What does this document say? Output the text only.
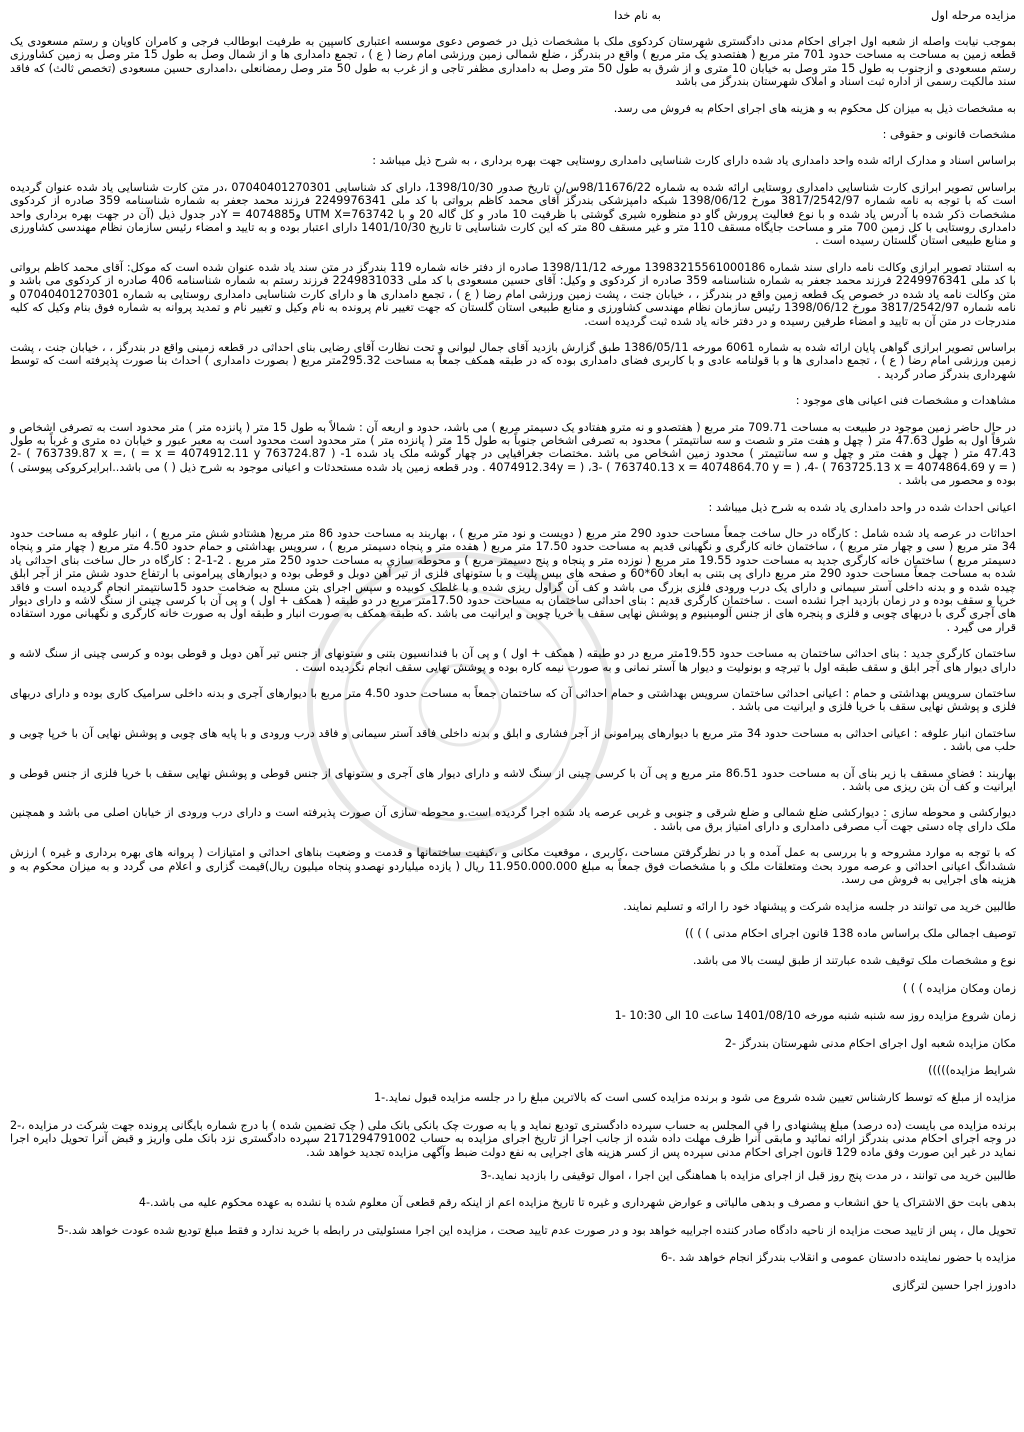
مزایده مرحله اول
به نام خدا

بموجب نیابت واصله از شعبه اول اجرای احکام مدنی دادگستری شهرستان کردکوی ملک با مشخصات ذیل در خصوص دعوی موسسه اعتباری کاسپین به طرفیت ابوطالب فرجی و کامران کاویان و رستم مسعودی یک قطعه زمین به مساحت به مساحت حدود 701 متر مربع ( هفتصدو یک متر مربع ) واقع در بندرگز ، ضلع شمالی زمین ورزشی امام رضا ( ع ) ، تجمع دامداری ها و از شمال وصل به طول 15 متر وصل به زمین کشاورزی رستم مسعودی و ازجنوب به طول 15 متر وصل به خیابان 10 متری و از شرق به طول 50 متر وصل به دامداری مظفر تاجی و از غرب به طول 50 متر وصل رمضانعلی ،دامداری حسین مسعودی (تخصص ثالث) که فاقد سند مالکیت رسمی از اداره ثبت اسناد و املاک شهرستان بندرگز می باشد

به مشخصات ذیل به میزان کل محکوم به و هزینه های اجرای احکام به فروش می رسد.

مشخصات قانونی و حقوقی :

براساس اسناد و مدارک ارائه شده واحد دامداری یاد شده دارای کارت شناسایی دامداری روستایی جهت بهره برداری ، به شرح ذیل میباشد :

براساس تصویر ابرازی کارت شناسایی دامداری روستایی ارائه شده به شماره 98/11676/22س/ن تاریخ صدور 1398/10/30، دارای کد شناسایی 07040401270301 ،در متن کارت شناسایی یاد شده عنوان گردیده است که با توجه به نامه شماره 3817/2542/97 مورخ 1398/06/12 شبکه دامپزشکی بندرگز آقای محمد کاظم برواتی با کد ملی 2249976341 فرزند محمد جعفر به شماره شناسنامه 359 صادره از کردکوی مشخصات ذکر شده با آدرس یاد شده و با نوع فعالیت پرورش گاو دو منظوره شیری گوشتی با ظرفیت 10 مادر و کل گاله 20 و با UTM X=763742 وY = 4074885در جدول ذیل (آن در جهت بهره برداری واحد دامداری روستایی با کل زمین 700 متر و مساحت جایگاه مسقف 110 متر و غیر مسقف 80 متر که این کارت شناسایی تا تاریخ 1401/10/30 دارای اعتبار بوده و به تایید و امضاء رئیس سازمان نظام مهندسی کشاورزی و منابع طبیعی استان گلستان رسیده است .

به استناد تصویر ابرازی وکالت نامه دارای سند شماره 13983215561000186 مورخه 1398/11/12 صادره از دفتر خانه شماره 119 بندرگز در متن سند یاد شده عنوان شده است که موکل: آقای محمد کاظم برواتی با کد ملی 2249976341 فرزند محمد جعفر به شماره شناسنامه 359 صادره از کردکوی و وکیل: آقای حسین مسعودی با کد ملی 2249831033 فرزند رستم به شماره شناسنامه 406 صادره از کردکوی می باشد و متن وکالت نامه یاد شده در خصوص یک قطعه زمین واقع در بندرگز ، ، خیابان جنت ، پشت زمین ورزشی امام رضا ( ع ) ، تجمع دامداری ها و دارای کارت شناسایی دامداری روستایی به شماره 07040401270301 و نامه شماره 3817/2542/97 مورخ 1398/06/12 رئیس سازمان نظام مهندسی کشاورزی و منابع طبیعی استان گلستان که جهت تغییر نام پرونده به نام وکیل و تغییر نام و تمدید پروانه به شماره فوق بنام وکیل که کلیه مندرجات در متن آن به تایید و امضاء طرفین رسیده و در دفتر خانه یاد شده ثبت گردیده است.

براساس تصویر ابرازی گواهی پایان ارائه شده به شماره 6061 مورخه 1386/05/11 طبق گزارش بازدید آقای جمال لیوانی و تحت نظارت آقای رضایی بنای احداثی در قطعه زمینی واقع در بندرگز ، ، خیابان جنت ، پشت زمین ورزشی امام رضا ( ع ) ، تجمع دامداری ها و با قولنامه عادی و با کاربری فضای دامداری بوده که در طبقه همکف جمعاً به مساحت 295.32متر مربع ( بصورت دامداری ) احداث بنا صورت پذیرفته است که توسط شهرداری بندرگز صادر گردید .

مشاهدات و مشخصات فنی اعیانی های موجود :

در حال حاضر زمین موجود در طبیعت به مساحت 709.71 متر مربع ( هفتصدو و نه مترو هفتادو یک دسیمتر مربع ) می باشد، حدود و اربعه آن : شمالاً به طول 15 متر ( پانزده متر ) متر محدود است به تصرفی اشخاص و شرقاً اول به طول 47.63 متر ( چهل و هفت متر و شصت و سه سانتیمتر ) محدود به تصرفی اشخاص جنوباً به طول 15 متر ( پانزده متر ) متر محدود است محدود است به معبر عبور و خیابان ده متری و غرباً به طول 47.43 متر ( چهل و هفت متر و چهل و سه سانتیمتر ) محدود زمین اشخاص می باشد .مختصات جغرافیایی در چهار گوشه ملک یاد شده 1- ( 763724.87 x = 4074912.11 y = ) ،2- ( 763739.87 x = 4074912.34y = ) ،3- ( 763740.13 x = 4074864.70 y = ) ،4- ( 763725.13 x = 4074864.69 y = ) . ودر قطعه زمین یاد شده مستحدثات و اعیانی موجود به شرح ذیل ( ) می باشد..ابرایرکروکی پیوستی ) بوده و محصور می باشد .

اعیانی احداث شده در واحد دامداری یاد شده به شرح ذیل میباشد :

احداثات در عرصه یاد شده شامل : کارگاه در حال ساخت جمعاً مساحت حدود 290 متر مربع ( دویست و نود متر مربع ) ، بهاربند به مساحت حدود 86 متر مربع( هشتادو شش متر مربع ) ، انبار علوفه به مساحت حدود 34 متر مربع ( سی و چهار متر مربع ) ، ساختمان خانه کارگری و نگهبانی قدیم به مساحت حدود 17.50 متر مربع ( هفده متر و پنجاه دسیمتر مربع ) ، سرویس بهداشتی و حمام حدود 4.50 متر مربع ( چهار متر و پنجاه دسیمتر مربع ) ساختمان خانه کارگری جدید به مساحت حدود 19.55 متر مربع ( نوزده متر و پنجاه و پنج دسیمتر مربع ) و محوطه سازی به مساحت حدود 250 متر مربع . 2-1-2 : کارگاه در حال ساخت بنای احداثی یاد شده به مساحت جمعاً مساحت حدود 290 متر مربع دارای پی بتنی به ابعاد 60*60 و صفحه های بیس پلیت و با ستونهای فلزی از تیر آهن دوبل و قوطی بوده و دیوارهای پیرامونی با ارتفاع حدود شش متر از آجر ابلق چیده شده و و بدنه داخلی آستر سیمانی و دارای یک درب ورودی فلزی بزرگ می باشد و کف آن گراول ریزی شده و با غلطک کوبیده و سپس اجرای بتن مسلح به ضخامت حدود 15سانتیمتر انجام گردیده است و فاقد خرپا و سقف بوده و در زمان بازدید اجرا نشده است . ساختمان کارگری قدیم : بنای احداثی ساختمان به مساحت حدود 17.50متر مربع در دو طبقه ( همکف + اول ) و پی آن با کرسی چینی از سنگ لاشه و دارای دیوار های آجری گری با دربهای چوبی و فلزی و پنجره های از جنس آلومینیوم و پوشش نهایی سقف با خریا چوبی و ایرانیت می باشد .که طبقه همکف به صورت انبار و طبقه اول به صورت خانه کارگری و نگهبانی مورد استفاده قرار می گیرد .

ساختمان کارگری جدید : بنای احداثی ساختمان به مساحت حدود 19.55متر مربع در دو طبقه ( همکف + اول ) و پی آن با فندانسیون بتنی و ستونهای از جنس تیر آهن دوبل و قوطی بوده و کرسی چینی از سنگ لاشه و دارای دیوار های آجر ابلق و سقف طبقه اول با تیرچه و بونولیت و دیوار ها آستر نمانی و به صورت نیمه کاره بوده و پوشش نهایی سقف انجام نگردیده است .

ساختمان سرویس بهداشتی و حمام : اعیانی احداثی ساختمان سرویس بهداشتی و حمام احداثی آن که ساختمان جمعاً به مساحت حدود 4.50 متر مربع با دیوارهای آجری و بدنه داخلی سرامیک کاری بوده و دارای دربهای فلزی و پوشش نهایی سقف با خریا فلزی و ایرانیت می باشد .

ساختمان انبار علوفه : اعیانی احداثی به مساحت حدود 34 متر مربع با دیوارهای پیرامونی از آجر فشاری و ابلق و بدنه داخلی فاقد آستر سیمانی و فاقد درب ورودی و با پایه های چوبی و پوشش نهایی آن با خرپا چوبی و حلب می باشد .

بهاربند : فضای مسقف با زیر بنای آن به مساحت حدود 86.51 متر مربع و پی آن با کرسی چینی از سنگ لاشه و دارای دیوار های آجری و ستونهای از جنس قوطی و پوشش نهایی سقف با خریا فلزی از جنس قوطی و ایرانیت و کف آن بتن ریزی می باشد .

دیوارکشی و محوطه سازی : دیوارکشی ضلع شمالی و ضلع شرقی و جنوبی و غربی عرصه یاد شده اجرا گردیده است.و محوطه سازی آن صورت پذیرفته است و دارای درب ورودی از خیابان اصلی می باشد و همچنین ملک دارای چاه دستی جهت آب مصرفی دامداری و دارای امتیاز برق می باشد .

که با توجه به موارد مشروحه و با بررسی به عمل آمده و با در نظرگرفتن مساحت ،کاربری ، موقعیت مکانی و ،کیفیت ساختمانها و قدمت و وضعیت بناهای احداثی و امتیازات ( پروانه های بهره برداری و غیره ) ارزش ششدانگ اعیانی احداثی و عرصه مورد بحث ومتعلقات ملک و با مشخصات فوق جمعاً به مبلغ 11.950.000.000 ریال ( یازده میلیاردو نهصدو پنجاه میلیون ریال)قیمت گزاری و اعلام می گردد و به میزان محکوم به و هزینه های اجرایی به فروش می رسد.

طالبین خرید می توانند در جلسه مزایده شرکت و پیشنهاد خود را ارائه و تسلیم نمایند.

توصیف اجمالی ملک براساس ماده 138 قانون اجرای احکام مدنی ) ) ))

نوع و مشخصات ملک توقیف شده عبارتند از طبق لیست بالا می باشد.

زمان ومکان مزایده ) ) )

زمان شروع مزایده روز سه شنبه شنبه مورخه 1401/08/10 ساعت 10 الی 10:30 -1

مکان مزایده شعبه اول اجرای احکام مدنی شهرستان بندرگز -2

شرایط مزایده)))))

مزایده از مبلغ که توسط کارشناس تعیین شده شروع می شود و برنده مزایده کسی است که بالاترین مبلغ را در جلسه مزایده قبول نماید.-1

برنده مزایده می بایست (ده درصد) مبلغ پیشنهادی را فی المجلس به حساب سپرده دادگستری تودیع نماید و یا به صورت چک بانکی بانک ملی ( چک تضمین شده ) با درج شماره بایگانی پرونده جهت شرکت در مزایده ،-2 در وجه اجرای احکام مدنی بندرگز ارائه نمائید و مابقی آنرا ظرف مهلت داده شده از جانب اجرا از تاریخ اجرای مزایده به حساب 2171294791002 سپرده دادگستری نزد بانک ملی واریز و قبض آنرا تحویل دایره اجرا نماید در غیر این صورت وفق ماده 129 قانون اجرای احکام مدنی سپرده پس از کسر هزینه های اجرایی به نفع دولت ضبط وآگهی مزایده تجدید خواهد شد.

طالبین خرید می توانند ، در مدت پنج روز قبل از اجرای مزایده با هماهنگی این اجرا ، اموال توقیفی را بازدید نماید.-3

بدهی بابت حق الاشتراک یا حق انشعاب و مصرف و بدهی مالیاتی و عوارض شهرداری و غیره تا تاریخ مزایده اعم از اینکه رقم قطعی آن معلوم شده یا نشده به عهده محکوم علیه می باشد.-4

تحویل مال ، پس از تایید صحت مزایده از ناحیه دادگاه صادر کننده اجراییه خواهد بود و در صورت عدم تایید صحت ، مزایده این اجرا مسئولیتی در رابطه با خرید ندارد و فقط مبلغ تودیع شده عودت خواهد شد.-5

مزایده با حضور نماینده دادستان عمومی و انقلاب بندرگز انجام خواهد شد .-6

دادورز اجرا حسین لترگازی
